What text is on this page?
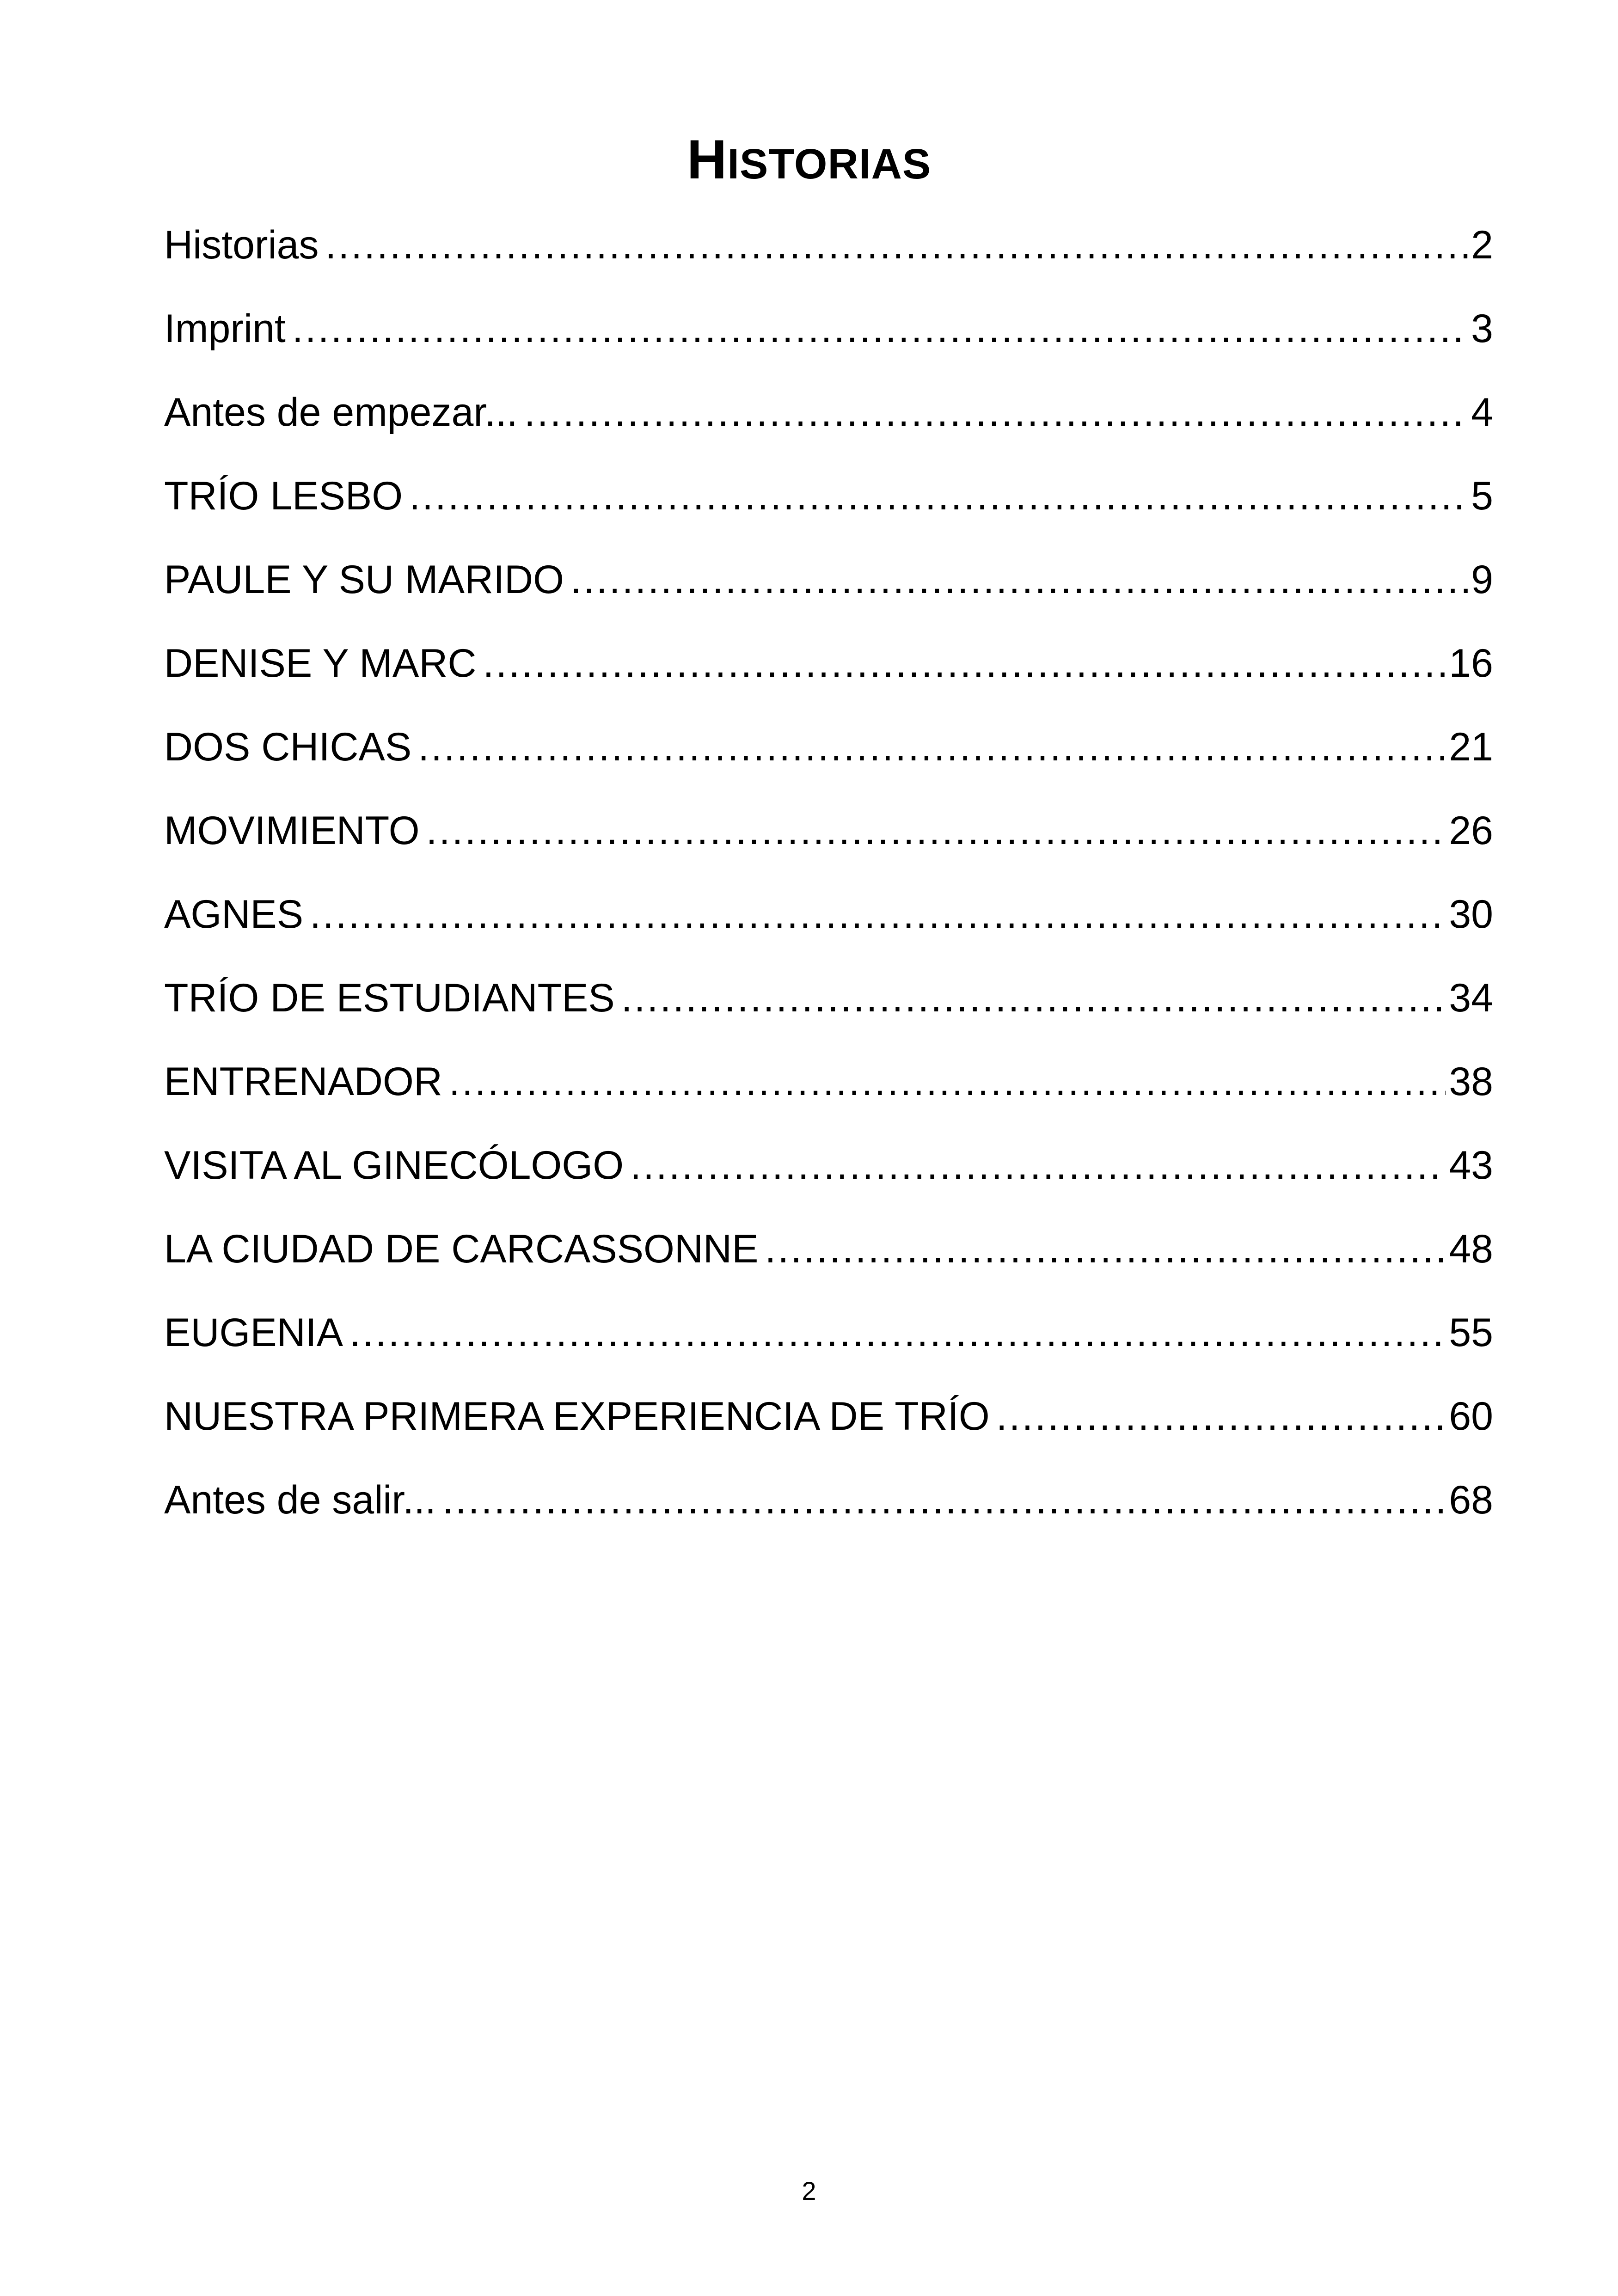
HISTORIAS
Historias .....	2
Imprint .....	3
Antes de empezar... .....	4
TRÍO LESBO .....	5
PAULE Y SU MARIDO .....	9
DENISE Y MARC .....	16
DOS CHICAS .....	21
MOVIMIENTO .....	26
AGNES .....	30
TRÍO DE ESTUDIANTES .....	34
ENTRENADOR .....	38
VISITA AL GINECÓLOGO .....	43
LA CIUDAD DE CARCASSONNE .....	48
EUGENIA .....	55
NUESTRA PRIMERA EXPERIENCIA DE TRÍO .....	60
Antes de salir... .....	68
2
